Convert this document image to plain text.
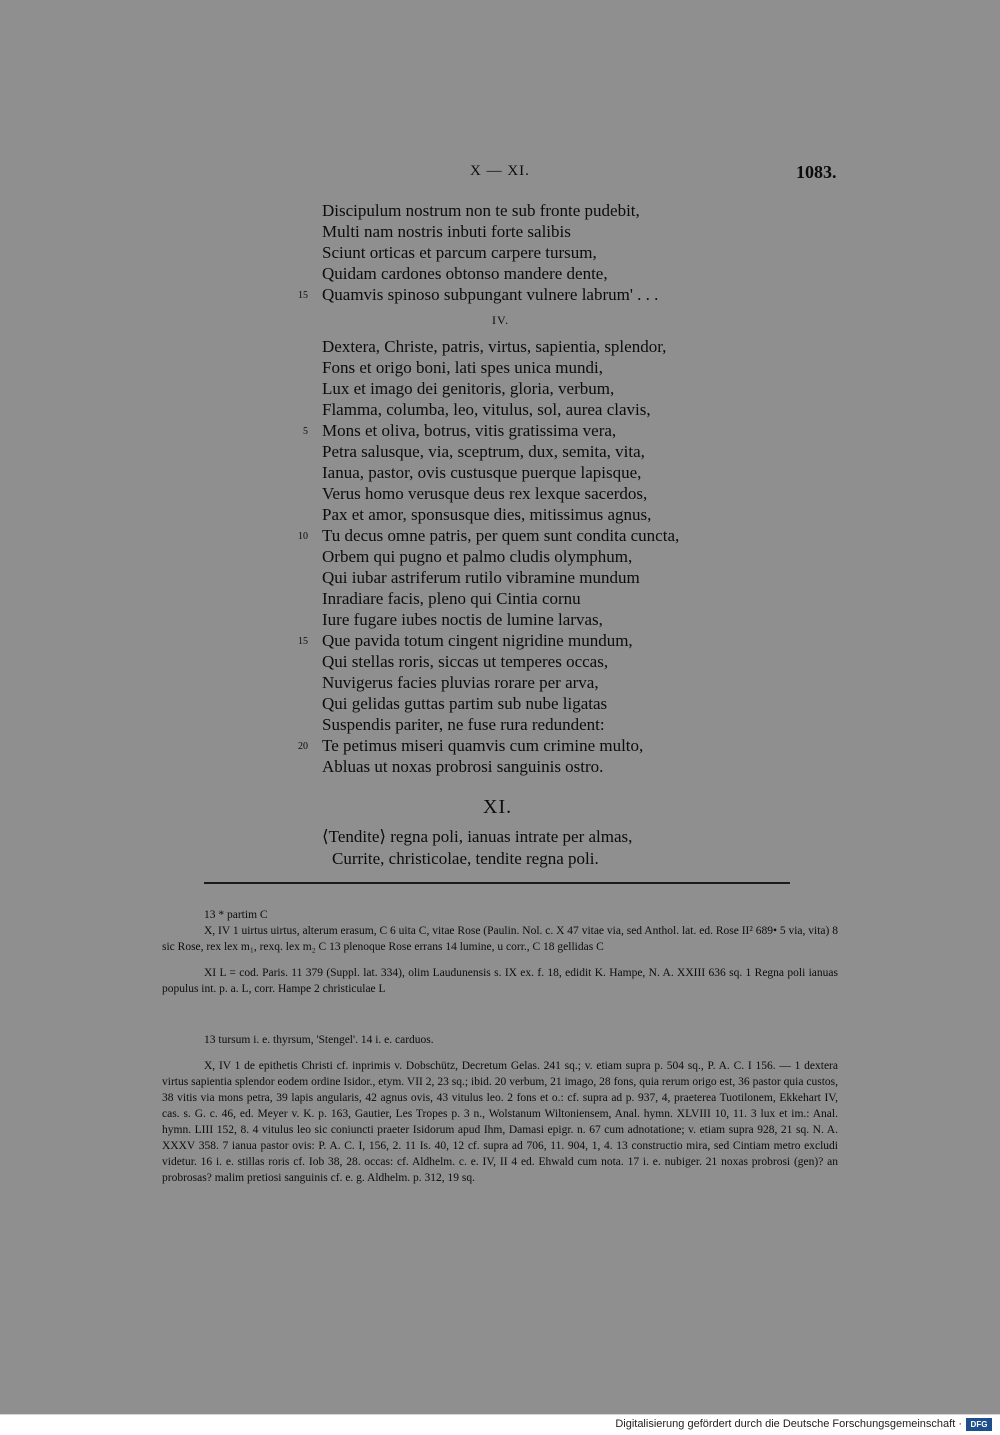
X — XI.	1083.
Discipulum nostrum non te sub fronte pudebit,
Multi nam nostris inbuti forte salibis
Sciunt orticas et parcum carpere tursum,
Quidam cardones obtonso mandere dente,
15 Quamvis spinoso subpungant vulnere labrum' . . .
IV.
Dextera, Christe, patris, virtus, sapientia, splendor,
Fons et origo boni, lati spes unica mundi,
Lux et imago dei genitoris, gloria, verbum,
Flamma, columba, leo, vitulus, sol, aurea clavis,
5 Mons et oliva, botrus, vitis gratissima vera,
Petra salusque, via, sceptrum, dux, semita, vita,
Ianua, pastor, ovis custusque puerque lapisque,
Verus homo verusque deus rex lexque sacerdos,
Pax et amor, sponsusque dies, mitissimus agnus,
10 Tu decus omne patris, per quem sunt condita cuncta,
Orbem qui pugno et palmo cludis olymphum,
Qui iubar astriferum rutilo vibramine mundum
Inradiare facis, pleno qui Cintia cornu
Iure fugare iubes noctis de lumine larvas,
15 Que pavida totum cingent nigridine mundum,
Qui stellas roris, siccas ut temperes occas,
Nuvigerus facies pluvias rorare per arva,
Qui gelidas guttas partim sub nube ligatas
Suspendis pariter, ne fuse rura redundent:
20 Te petimus miseri quamvis cum crimine multo,
Abluas ut noxas probrosi sanguinis ostro.
XI.
⟨Tendite⟩ regna poli, ianuas intrate per almas,
Currite, christicolae, tendite regna poli.

13 * partim C

X, IV 1 uirtus uirtus, alterum erasum, C 6 uita C, vitae Rose (Paulin. Nol. c. X 47 vitae via, sed Anthol. lat. ed. Rose II² 689• 5 via, vita) 8 sic Rose, rex lex m₁, rexq. lex m₂ C 13 plenoque Rose errans 14 lumine, u corr., C 18 gellidas C

XI L = cod. Paris. 11 379 (Suppl. lat. 334), olim Laudunensis s. IX ex. f. 18, edidit K. Hampe, N. A. XXIII 636 sq. 1 Regna poli ianuas populus int. p. a. L, corr. Hampe 2 christiculae L

13 tursum i. e. thyrsum, 'Stengel'. 14 i. e. carduos.

X, IV 1 de epithetis Christi cf. inprimis v. Dobschütz, Decretum Gelas. 241 sq.; v. etiam supra p. 504 sq., P. A. C. I 156. — 1 dextera virtus sapientia splendor eodem ordine Isidor., etym. VII 2, 23 sq.; ibid. 20 verbum, 21 imago, 28 fons, quia rerum origo est, 36 pastor quia custos, 38 vitis via mons petra, 39 lapis angularis, 42 agnus ovis, 43 vitulus leo. 2 fons et o.: cf. supra ad p. 937, 4, praeterea Tuotilonem, Ekkehart IV, cas. s. G. c. 46, ed. Meyer v. K. p. 163, Gautier, Les Tropes p. 3 n., Wolstanum Wiltoniensem, Anal. hymn. XLVIII 10, 11. 3 lux et im.: Anal. hymn. LIII 152, 8. 4 vitulus leo sic coniuncti praeter Isidorum apud Ihm, Damasi epigr. n. 67 cum adnotatione; v. etiam supra 928, 21 sq. N. A. XXXV 358. 7 ianua pastor ovis: P. A. C. I, 156, 2. 11 Is. 40, 12 cf. supra ad 706, 11. 904, 1, 4. 13 constructio mira, sed Cintiam metro excludi videtur. 16 i. e. stillas roris cf. Iob 38, 28. occas: cf. Aldhelm. c. e. IV, II 4 ed. Ehwald cum nota. 17 i. e. nubiger. 21 noxas probrosi (gen)? an probrosas? malim pretiosi sanguinis cf. e. g. Aldhelm. p. 312, 19 sq.

Digitalisierung gefördert durch die Deutsche Forschungsgemeinschaft ·	DFG
